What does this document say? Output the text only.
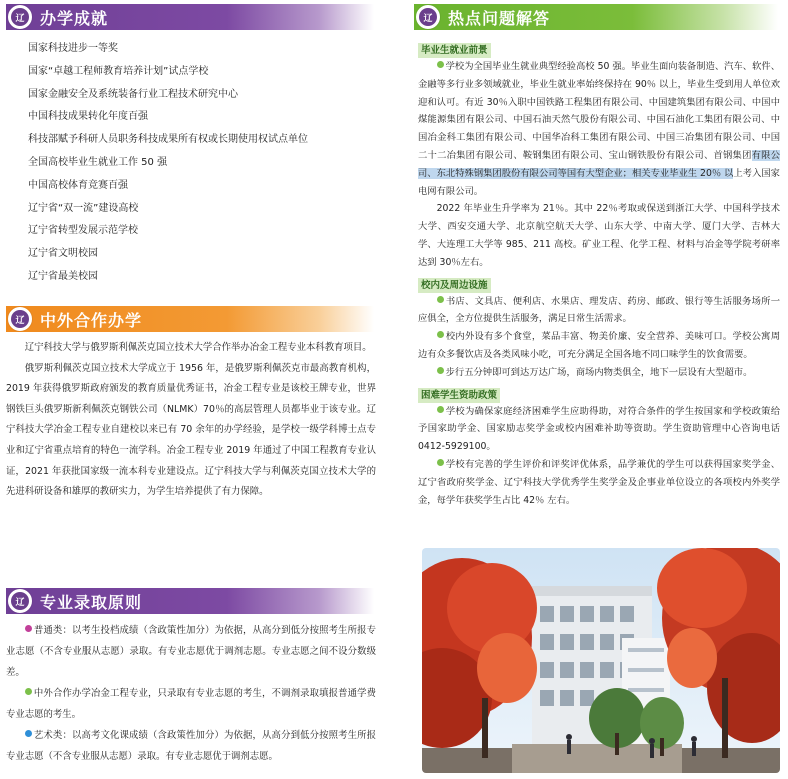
辽 办学成就
国家科技进步一等奖
国家“卓越工程师教育培养计划”试点学校
国家金融安全及系统装备行业工程技术研究中心
中国科技成果转化年度百强
科技部赋予科研人员职务科技成果所有权或长期使用权试点单位
全国高校毕业生就业工作 50 强
中国高校体育竞赛百强
辽宁省“双一流”建设高校
辽宁省转型发展示范学校
辽宁省文明校园
辽宁省最美校园
辽 中外合作办学

辽宁科技大学与俄罗斯利佩茨克国立技术大学合作举办冶金工程专业本科教育项目。

俄罗斯利佩茨克国立技术大学成立于 1956 年，是俄罗斯利佩茨克市最高教育机构，2019 年获得俄罗斯政府颁发的教育质量优秀证书，冶金工程专业是该校王牌专业，世界钢铁巨头俄罗斯新利佩茨克钢铁公司（NLMK）70％的高层管理人员都毕业于该专业。辽宁科技大学冶金工程专业自建校以来已有 70 余年的办学经验，是学校一级学科博士点专业和辽宁省重点培育的特色一流学科。冶金工程专业 2019 年通过了中国工程教育专业认证，2021 年获批国家级一流本科专业建设点。辽宁科技大学与利佩茨克国立技术大学的先进科研设备和雄厚的教研实力，为学生培养提供了有力保障。

辽 专业录取原则

普通类：以考生投档成绩（含政策性加分）为依据，从高分到低分按照考生所报专业志愿（不含专业服从志愿）录取。有专业志愿优于调剂志愿。专业志愿之间不设分数级差。

中外合作办学冶金工程专业，只录取有专业志愿的考生，不调剂录取填报普通学费专业志愿的考生。

艺术类：以高考文化课成绩（含政策性加分）为依据，从高分到低分按照考生所报专业志愿（不含专业服从志愿）录取。有专业志愿优于调剂志愿。

辽 热点问题解答
毕业生就业前景

学校为全国毕业生就业典型经验高校 50 强。毕业生面向装备制造、汽车、软件、金融等多行业多领域就业，毕业生就业率始终保持在 90％ 以上，毕业生受到用人单位欢迎和认可。有近 30％入职中国铁路工程集团有限公司、中国建筑集团有限公司、中国中煤能源集团有限公司、中国石油天然气股份有限公司、中国石油化工集团有限公司、中国冶金科工集团有限公司、中国华冶科工集团有限公司、中国三冶集团有限公司、中国二十二冶集团有限公司、鞍钢集团有限公司、宝山钢铁股份有限公司、首钢集团有限公司、东北特殊钢集团股份有限公司等国有大型企业；相关专业毕业生 20％ 以上考入国家电网有限公司。

2022 年毕业生升学率为 21％。其中 22％考取或保送到浙江大学、中国科学技术大学、西安交通大学、北京航空航天大学、山东大学、中南大学、厦门大学、吉林大学、大连理工大学等 985、211 高校。矿业工程、化学工程、材料与冶金等学院考研率达到 30％左右。

校内及周边设施

书店、文具店、便利店、水果店、理发店、药房、邮政、银行等生活服务场所一应俱全，全方位提供生活服务，满足日常生活需求。

校内外设有多个食堂，菜品丰富、物美价廉、安全营养、美味可口。学校公寓周边有众多餐饮店及各类风味小吃，可充分满足全国各地不同口味学生的饮食需要。

步行五分钟即可到达万达广场，商场内物类俱全，地下一层设有大型超市。

困难学生资助政策

学校为确保家庭经济困难学生应助得助，对符合条件的学生按国家和学校政策给予国家助学金、国家励志奖学金或校内困难补助等资助。学生资助管理中心咨询电话 0412-5929100。

学校有完善的学生评价和评奖评优体系，品学兼优的学生可以获得国家奖学金、辽宁省政府奖学金、辽宁科技大学优秀学生奖学金及企事业单位设立的各项校内外奖学金，每学年获奖学生占比 42％ 左右。
